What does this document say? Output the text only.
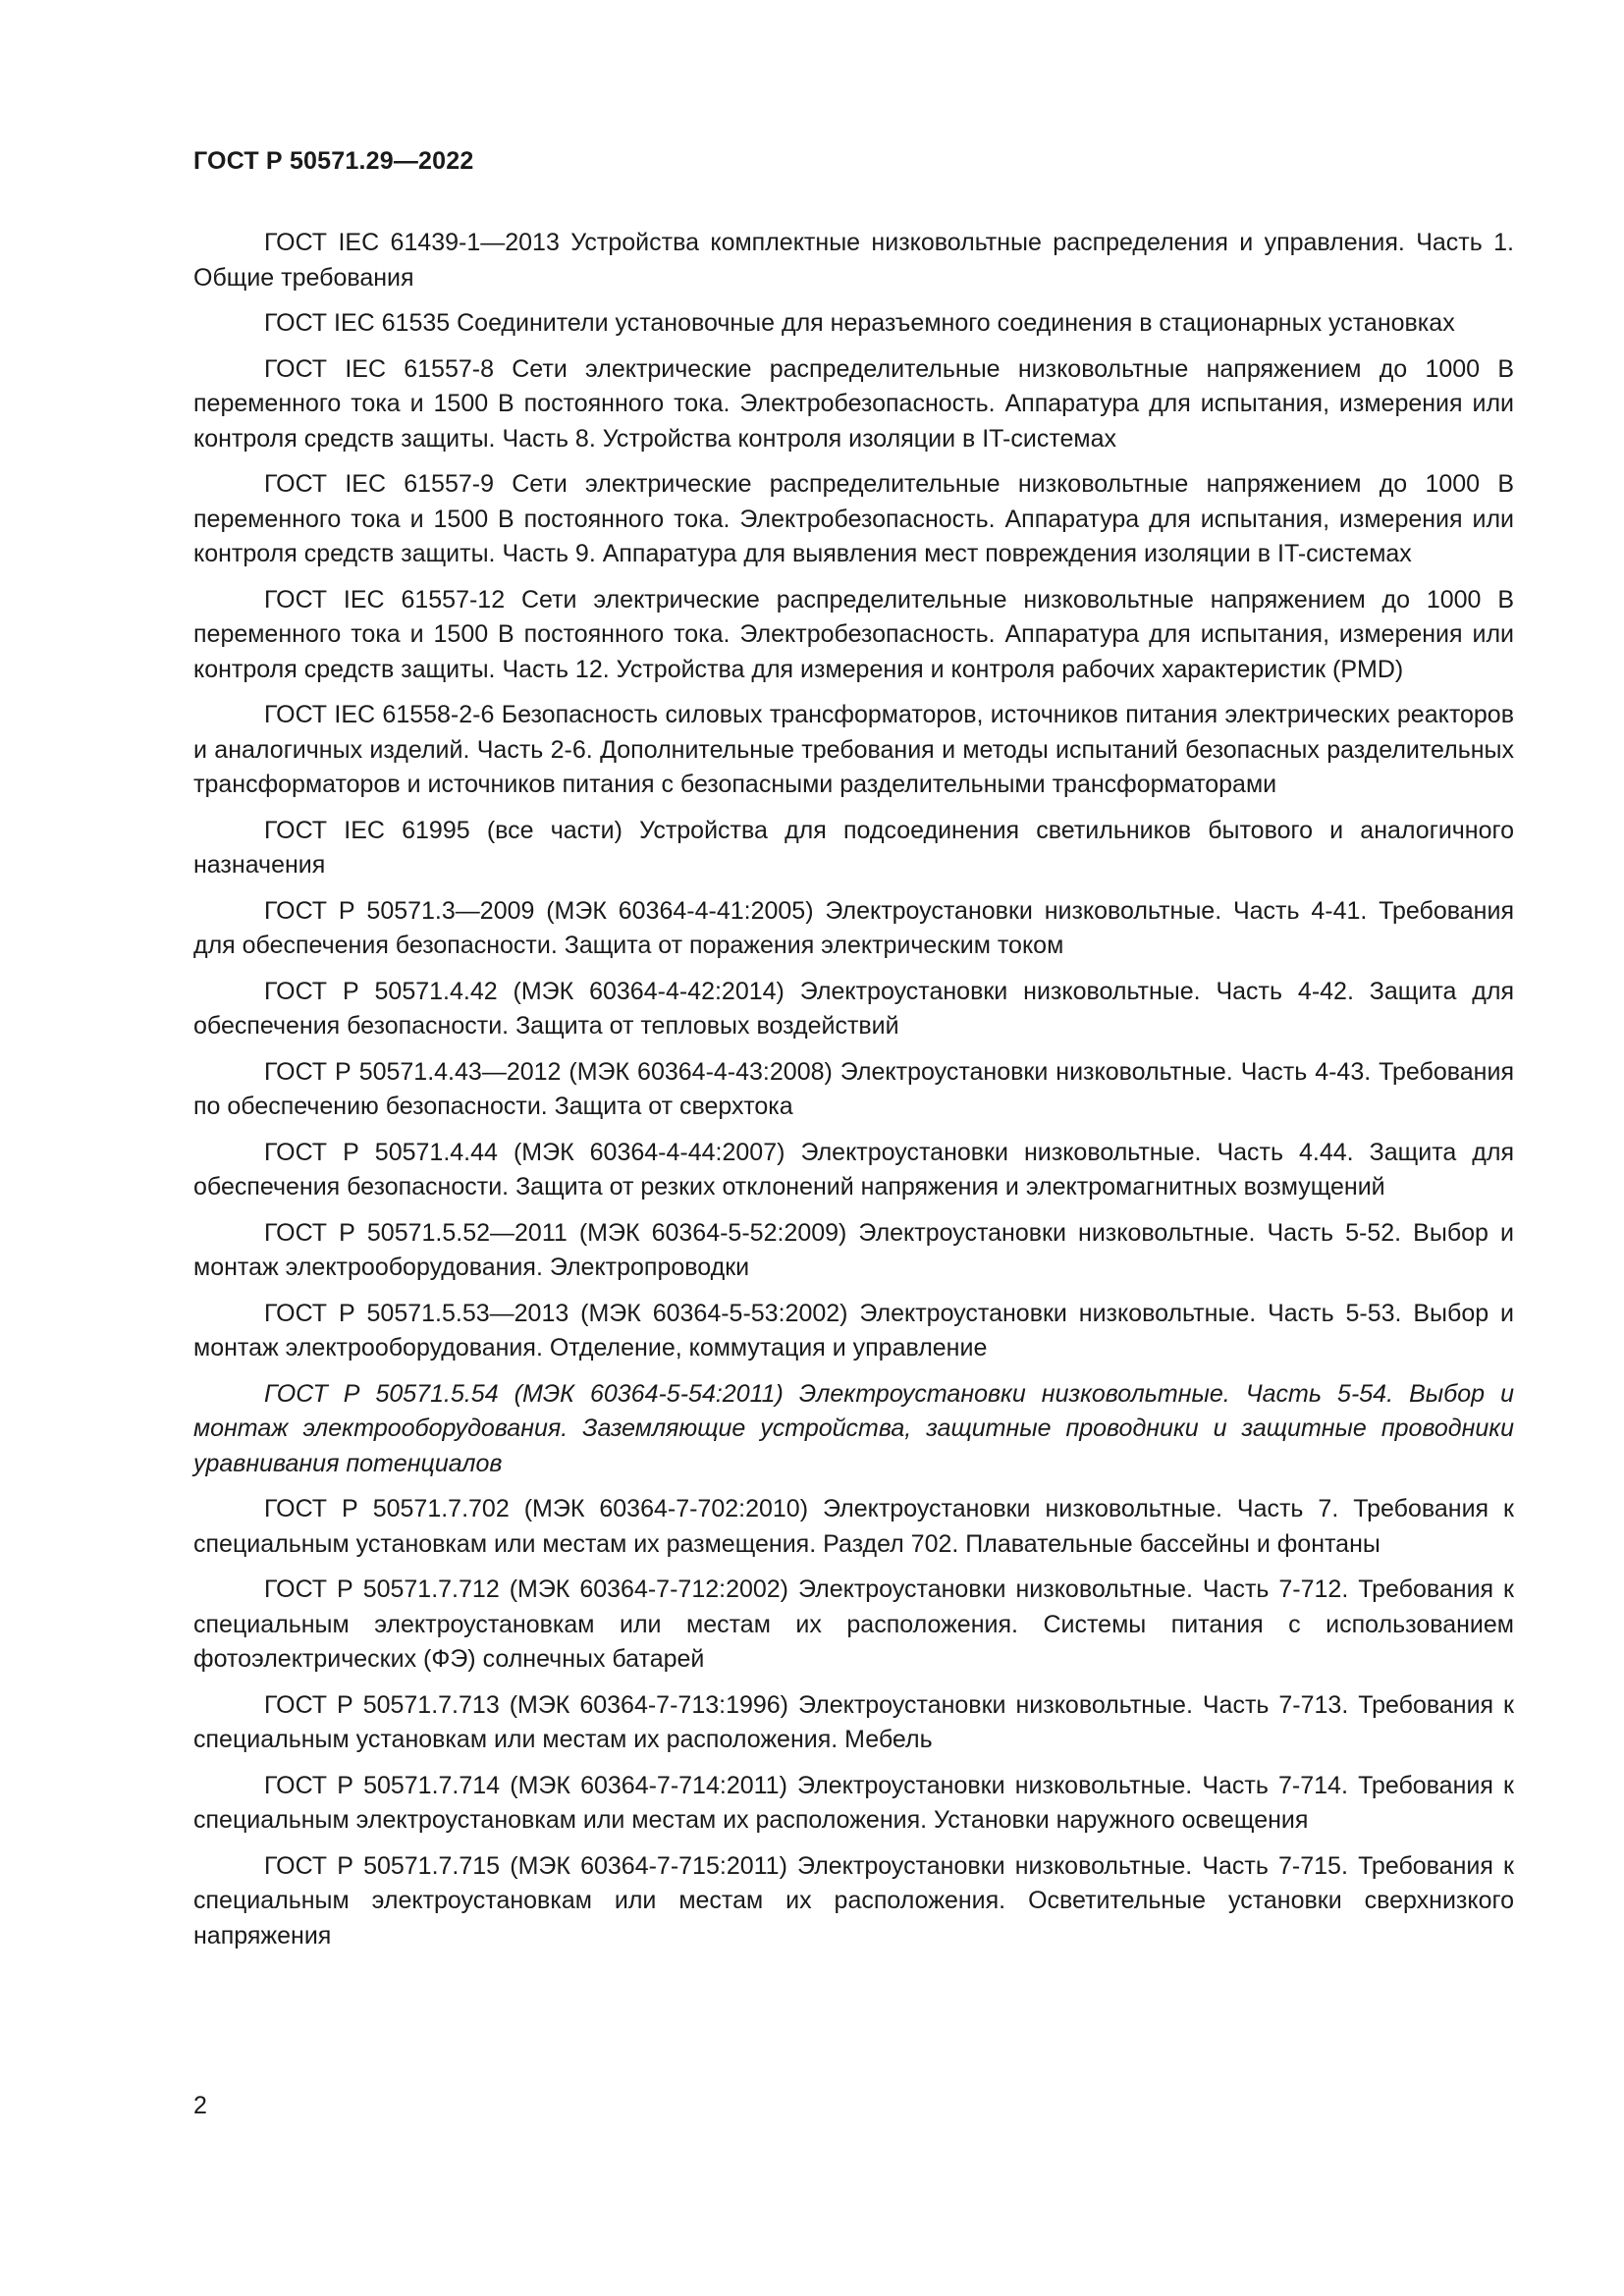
ГОСТ Р 50571.29—2022

ГОСТ IEC 61439-1—2013 Устройства комплектные низковольтные распределения и управления. Часть 1. Общие требования

ГОСТ IEC 61535 Соединители установочные для неразъемного соединения в стационарных установках

ГОСТ IEC 61557-8 Сети электрические распределительные низковольтные напряжением до 1000 В переменного тока и 1500 В постоянного тока. Электробезопасность. Аппаратура для испытания, измерения или контроля средств защиты. Часть 8. Устройства контроля изоляции в IT-системах

ГОСТ IEC 61557-9 Сети электрические распределительные низковольтные напряжением до 1000 В переменного тока и 1500 В постоянного тока. Электробезопасность. Аппаратура для испытания, измерения или контроля средств защиты. Часть 9. Аппаратура для выявления мест повреждения изоляции в IT-системах

ГОСТ IEC 61557-12 Сети электрические распределительные низковольтные напряжением до 1000 В переменного тока и 1500 В постоянного тока. Электробезопасность. Аппаратура для испытания, измерения или контроля средств защиты. Часть 12. Устройства для измерения и контроля рабочих характеристик (PMD)

ГОСТ IEC 61558-2-6 Безопасность силовых трансформаторов, источников питания электрических реакторов и аналогичных изделий. Часть 2-6. Дополнительные требования и методы испытаний безопасных разделительных трансформаторов и источников питания с безопасными разделительными трансформаторами

ГОСТ IEC 61995 (все части) Устройства для подсоединения светильников бытового и аналогичного назначения

ГОСТ Р 50571.3—2009 (МЭК 60364-4-41:2005) Электроустановки низковольтные. Часть 4-41. Требования для обеспечения безопасности. Защита от поражения электрическим током

ГОСТ Р 50571.4.42 (МЭК 60364-4-42:2014) Электроустановки низковольтные. Часть 4-42. Защита для обеспечения безопасности. Защита от тепловых воздействий

ГОСТ Р 50571.4.43—2012 (МЭК 60364-4-43:2008) Электроустановки низковольтные. Часть 4-43. Требования по обеспечению безопасности. Защита от сверхтока

ГОСТ Р 50571.4.44 (МЭК 60364-4-44:2007) Электроустановки низковольтные. Часть 4.44. Защита для обеспечения безопасности. Защита от резких отклонений напряжения и электромагнитных возмущений

ГОСТ Р 50571.5.52—2011 (МЭК 60364-5-52:2009) Электроустановки низковольтные. Часть 5-52. Выбор и монтаж электрооборудования. Электропроводки

ГОСТ Р 50571.5.53—2013 (МЭК 60364-5-53:2002) Электроустановки низковольтные. Часть 5-53. Выбор и монтаж электрооборудования. Отделение, коммутация и управление

ГОСТ Р 50571.5.54 (МЭК 60364-5-54:2011) Электроустановки низковольтные. Часть 5-54. Выбор и монтаж электрооборудования. Заземляющие устройства, защитные проводники и защитные проводники уравнивания потенциалов

ГОСТ Р 50571.7.702 (МЭК 60364-7-702:2010) Электроустановки низковольтные. Часть 7. Требования к специальным установкам или местам их размещения. Раздел 702. Плавательные бассейны и фонтаны

ГОСТ Р 50571.7.712 (МЭК 60364-7-712:2002) Электроустановки низковольтные. Часть 7-712. Требования к специальным электроустановкам или местам их расположения. Системы питания с использованием фотоэлектрических (ФЭ) солнечных батарей

ГОСТ Р 50571.7.713 (МЭК 60364-7-713:1996) Электроустановки низковольтные. Часть 7-713. Требования к специальным установкам или местам их расположения. Мебель

ГОСТ Р 50571.7.714 (МЭК 60364-7-714:2011) Электроустановки низковольтные. Часть 7-714. Требования к специальным электроустановкам или местам их расположения. Установки наружного освещения

ГОСТ Р 50571.7.715 (МЭК 60364-7-715:2011) Электроустановки низковольтные. Часть 7-715. Требования к специальным электроустановкам или местам их расположения. Осветительные установки сверхнизкого напряжения

2
